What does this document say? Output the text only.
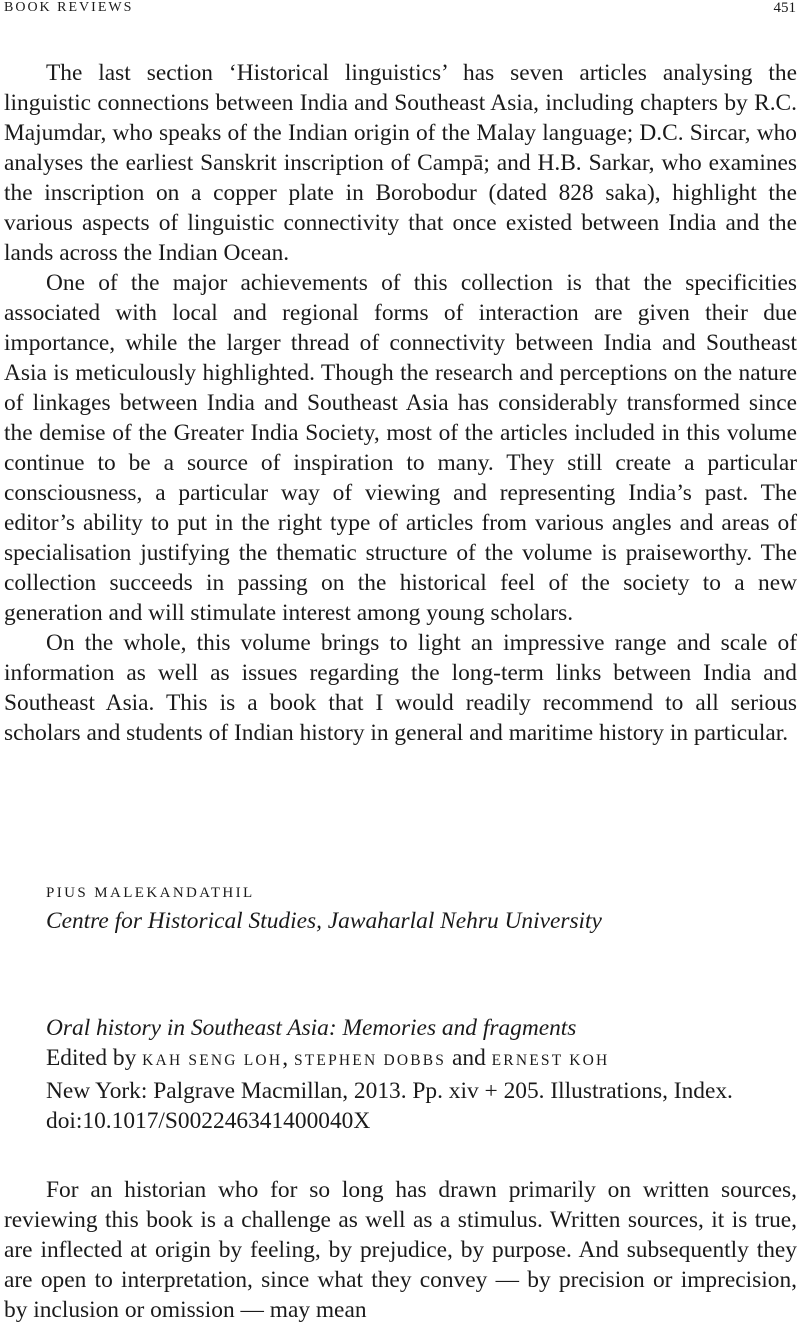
BOOK REVIEWS	451

The last section ‘Historical linguistics’ has seven articles analysing the linguistic connections between India and Southeast Asia, including chapters by R.C. Majumdar, who speaks of the Indian origin of the Malay language; D.C. Sircar, who analyses the earliest Sanskrit inscription of Campā; and H.B. Sarkar, who examines the inscription on a copper plate in Borobodur (dated 828 saka), highlight the various aspects of linguistic connectivity that once existed between India and the lands across the Indian Ocean.

One of the major achievements of this collection is that the specificities associated with local and regional forms of interaction are given their due importance, while the larger thread of connectivity between India and Southeast Asia is meticulously highlighted. Though the research and perceptions on the nature of linkages between India and Southeast Asia has considerably transformed since the demise of the Greater India Society, most of the articles included in this volume continue to be a source of inspiration to many. They still create a particular consciousness, a particular way of viewing and representing India’s past. The editor’s ability to put in the right type of articles from various angles and areas of specialisation justifying the thematic structure of the volume is praiseworthy. The collection succeeds in passing on the historical feel of the society to a new generation and will stimulate interest among young scholars.

On the whole, this volume brings to light an impressive range and scale of information as well as issues regarding the long-term links between India and Southeast Asia. This is a book that I would readily recommend to all serious scholars and students of Indian history in general and maritime history in particular.

PIUS MALEKANDATHIL
Centre for Historical Studies, Jawaharlal Nehru University
Oral history in Southeast Asia: Memories and fragments
Edited by KAH SENG LOH, STEPHEN DOBBS and ERNEST KOH
New York: Palgrave Macmillan, 2013. Pp. xiv + 205. Illustrations, Index.
doi:10.1017/S002246341400040X

For an historian who for so long has drawn primarily on written sources, reviewing this book is a challenge as well as a stimulus. Written sources, it is true, are inflected at origin by feeling, by prejudice, by purpose. And subsequently they are open to interpretation, since what they convey — by precision or imprecision, by inclusion or omission — may mean
